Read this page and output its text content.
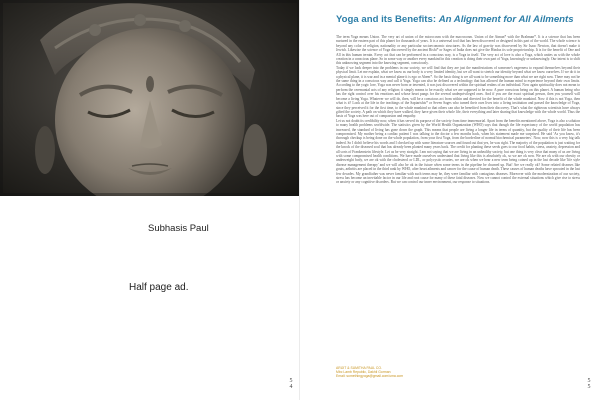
Subhasis Paul
Half page ad.
5
4
Yoga and its Benefits: An Alignment for All Ailments

The term Yoga means Union. The very art of union of the microcosm with the macrocosm. Union of the Atman* with the Brahman*. It is a science that has been nurtured in the eastern part of this planet for thousands of years. It is a universal tool that has been discovered or designed in this part of the world. The whole science is beyond any color of religion, nationality or any particular socioeconomic structures. As the law of gravity was discovered by Sir Isaac Newton, that doesn't make it Jewish. Likewise the science of Yoga discovered by the ancient Rishi* or Sages of India does not give the Hindus its sole proprietorship. It is for the benefit of One and All in this human terrain. Every act that can be performed in a conscious way, is a Yoga in itself. The very act of love is also a Yoga, which unites us with the whole creation in a conscious plane. So in some way or another every mankind in this creation is doing their own part of Yoga, knowingly or unknowingly. Our intent is to shift this unknowing segment into the knowing segment, consciously.

Today if we look deeper into the problems in our society, we will find that they are just the manifestations of someone's eagerness to expand themselves beyond their physical limit. Let me explain, what we know as our body is a very limited identity, but we all want to stretch our identity beyond what we know ourselves. If we do it in a physical plane, it is war and in a mental plane it is ego or Ahem*. So the basic thing is we all want to be something more than what we are right now. There may not be the same thing in a conscious way and call it Yoga. Yoga can also be defined as a technology that has allowed the human mind to experience beyond their own limits. According to the yogic lore, Yoga was never born or invented, it was just discovered within the spiritual realms of an individual. Now again spirituality does not mean to perform the ceremonial acts of any religion; it simply means to be exactly what we are supposed to be now. A pure conscious being on this planet. A human being who has the right control over his emotions and whose heart pangs for the several underprivileged ones. And if you are the exact spiritual person, then you yourself will become a living Yoga. Whatever we will do, then, will be a conscious act from within and directed for the benefit of the whole mankind. Now if this is not Yoga, then what is it? Look at the life in the teachings of the Saptarishis* or Seven Sages who turned their own lives into a living institution and passed the knowledge of Yoga, since they perceived it for the first time, to the whole mankind so that others can also be benefited from their discovery. That's what the righteous scientists have always gifted the society. A path on which they have walked, they have given their whole life, their everything and later sharing that knowledge with the whole world. Thus the basis of Yoga was here out of compassion and empathy.

Let us not doubt its credibility now, when it has served its purpose of the society from time immemorial. Apart from the benefits mentioned above, Yoga is also a solution to many health problems worldwide. The statistics given by the World Health Organization (WHO) says that though the life expectancy of the world population has increased, the standard of living has gone down the graph. This means that people are living a longer life in terms of quantity, but the quality of their life has been compromised. My mother being a cardiac patient I was talking to the doctor a few months back, when his statement made me surprised. He said 'As you know, it's thorough checkup is being done on the whole population, from your first Yoga, from the borderline of normal biochemical parameters'. Now, now this is a very big talk indeed. So I didn't believe his words and I checked up with some literature sources and found out that yes, he was right. The majority of the population is just waiting for the knock of the diseased soul that has already been planted many years back. The credit for planting these seeds goes to our food habits, stress, anxiety, depression and all sorts of Frankenstein lifestyle. Let us be very straight. I am not saying that we are living in an unhealthy society, but one thing is very clear that many of us are living with some compromised health conditions. We have made ourselves understand that living like this is absolutely ok, so we are ok now. We are ok with our obesity or underweight body, we are ok with the cholesterol or LDL, or polycystic ovaries, we are ok when we hear a new term being coined up in the last decade like 'life style disease management therapy' and we will also be ok in the future when some terms in the pipeline be churned up. But! Are we really ok? Some related diseases like gouts, arthritis are placed in the third rank by WHO, after heart ailments and cancer for the cause of human death. These causes of human deaths have sprouted in the last few decades. My grandfather was never familiar with such terms may be, they were familiar with contagious diseases. Moreover with the modernization of our society, stress has become an inevitable factor in our life and root cause for many of these fatal diseases. Now we cannot control the external situations which give rise to stress or anxiety or any cognitive disorders. But we can control our inner environment, our response to situations.

ARIJIT & SUMITHA PAUL CO.
Mbc Lamb Republic, Dakhil Gorman
Email: somethingyoga@gmail.com/uma.com
5
5
